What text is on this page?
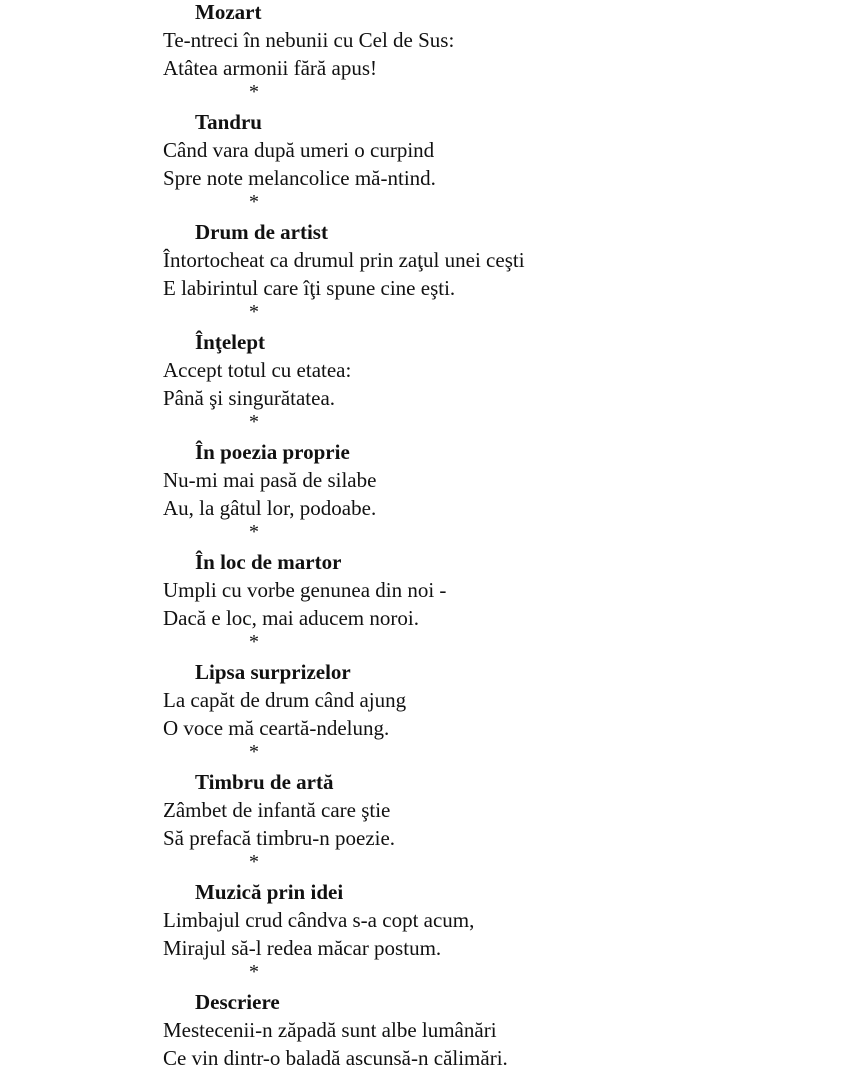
Mozart
Te-ntreci în nebunii cu Cel de Sus:
Atâtea armonii fără apus!
*
Tandru
Când vara după umeri o curpind
Spre note melancolice mă-ntind.
*
Drum de artist
Întortocheat ca drumul prin zaţul unei ceşti
E labirintul care îţi spune cine eşti.
*
Înţelept
Accept totul cu etatea:
Până şi singurătatea.
*
În poezia proprie
Nu-mi mai pasă de silabe
Au, la gâtul lor, podoabe.
*
În loc de martor
Umpli cu vorbe genunea din noi -
Dacă e loc, mai aducem noroi.
*
Lipsa surprizelor
La capăt de drum când ajung
O voce mă ceartă-ndelung.
*
Timbru de artă
Zâmbet de infantă care ştie
Să prefacă timbru-n poezie.
*
Muzică prin idei
Limbajul crud cândva s-a copt acum,
Mirajul să-l redea măcar postum.
*
Descriere
Mestecenii-n zăpadă sunt albe lumânări
Ce vin dintr-o baladă ascunsă-n călimări.
